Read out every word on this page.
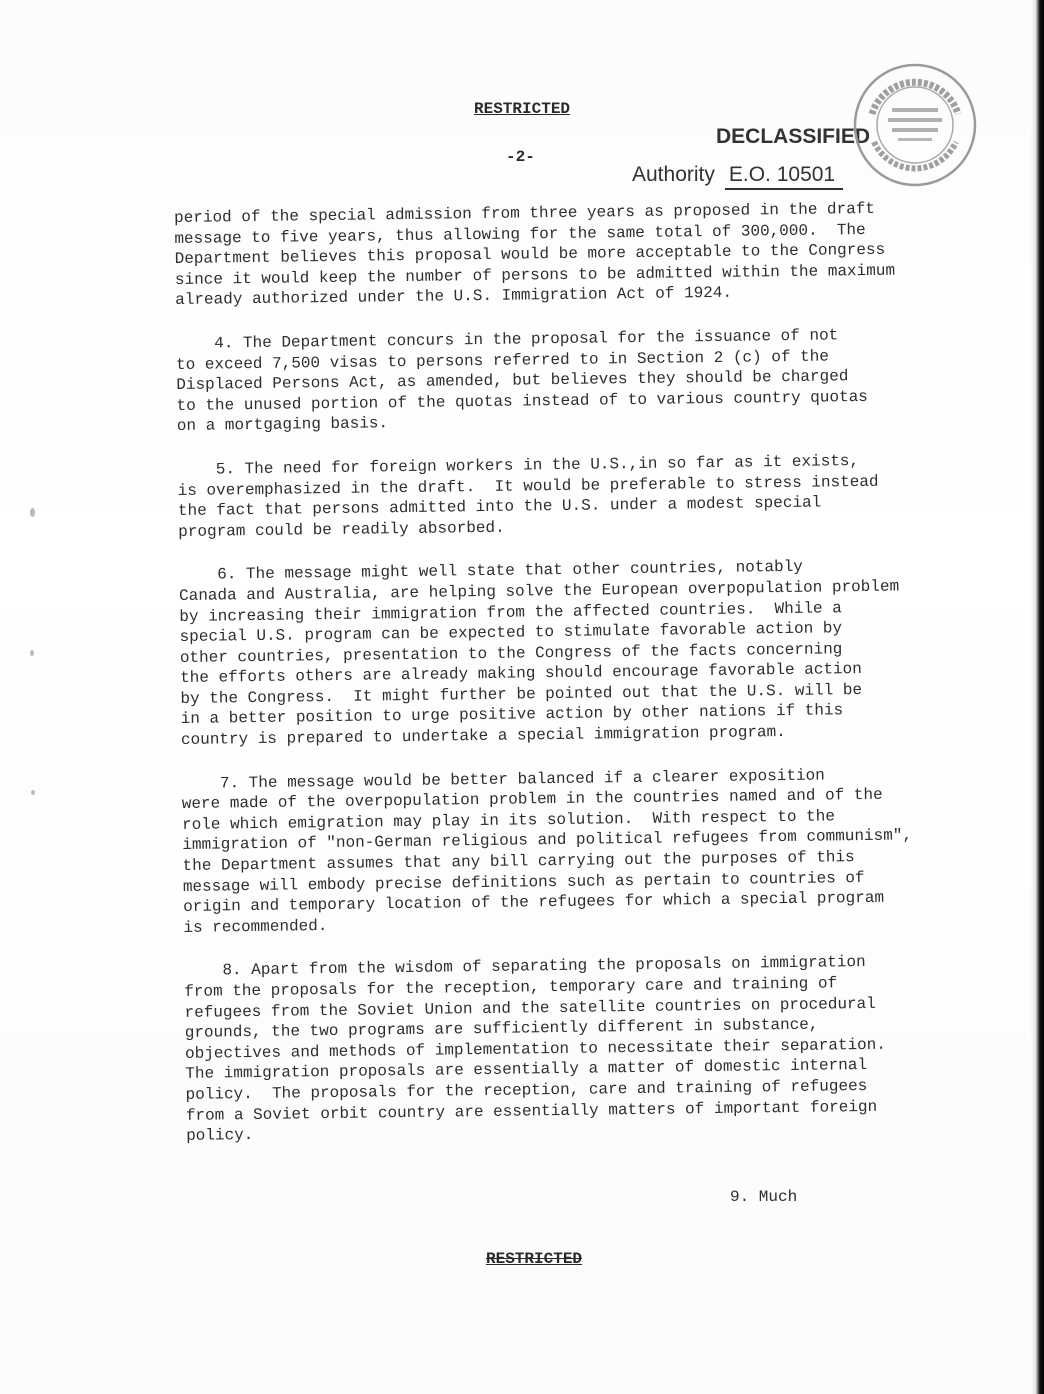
RESTRICTED
-2-
DECLASSIFIED
Authority E.O. 10501

period of the special admission from three years as proposed in the draft

message to five years, thus allowing for the same total of 300,000.  The

Department believes this proposal would be more acceptable to the Congress

since it would keep the number of persons to be admitted within the maximum

already authorized under the U.S. Immigration Act of 1924.

4. The Department concurs in the proposal for the issuance of not

to exceed 7,500 visas to persons referred to in Section 2 (c) of the

Displaced Persons Act, as amended, but believes they should be charged

to the unused portion of the quotas instead of to various country quotas

on a mortgaging basis.

5. The need for foreign workers in the U.S.,in so far as it exists,

is overemphasized in the draft.  It would be preferable to stress instead

the fact that persons admitted into the U.S. under a modest special

program could be readily absorbed.

6. The message might well state that other countries, notably

Canada and Australia, are helping solve the European overpopulation problem

by increasing their immigration from the affected countries.  While a

special U.S. program can be expected to stimulate favorable action by

other countries, presentation to the Congress of the facts concerning

the efforts others are already making should encourage favorable action

by the Congress.  It might further be pointed out that the U.S. will be

in a better position to urge positive action by other nations if this

country is prepared to undertake a special immigration program.

7. The message would be better balanced if a clearer exposition

were made of the overpopulation problem in the countries named and of the

role which emigration may play in its solution.  With respect to the

immigration of "non-German religious and political refugees from communism",

the Department assumes that any bill carrying out the purposes of this

message will embody precise definitions such as pertain to countries of

origin and temporary location of the refugees for which a special program

is recommended.

8. Apart from the wisdom of separating the proposals on immigration

from the proposals for the reception, temporary care and training of

refugees from the Soviet Union and the satellite countries on procedural

grounds, the two programs are sufficiently different in substance,

objectives and methods of implementation to necessitate their separation.

The immigration proposals are essentially a matter of domestic internal

policy.  The proposals for the reception, care and training of refugees

from a Soviet orbit country are essentially matters of important foreign

policy.

9. Much
RESTRICTED
